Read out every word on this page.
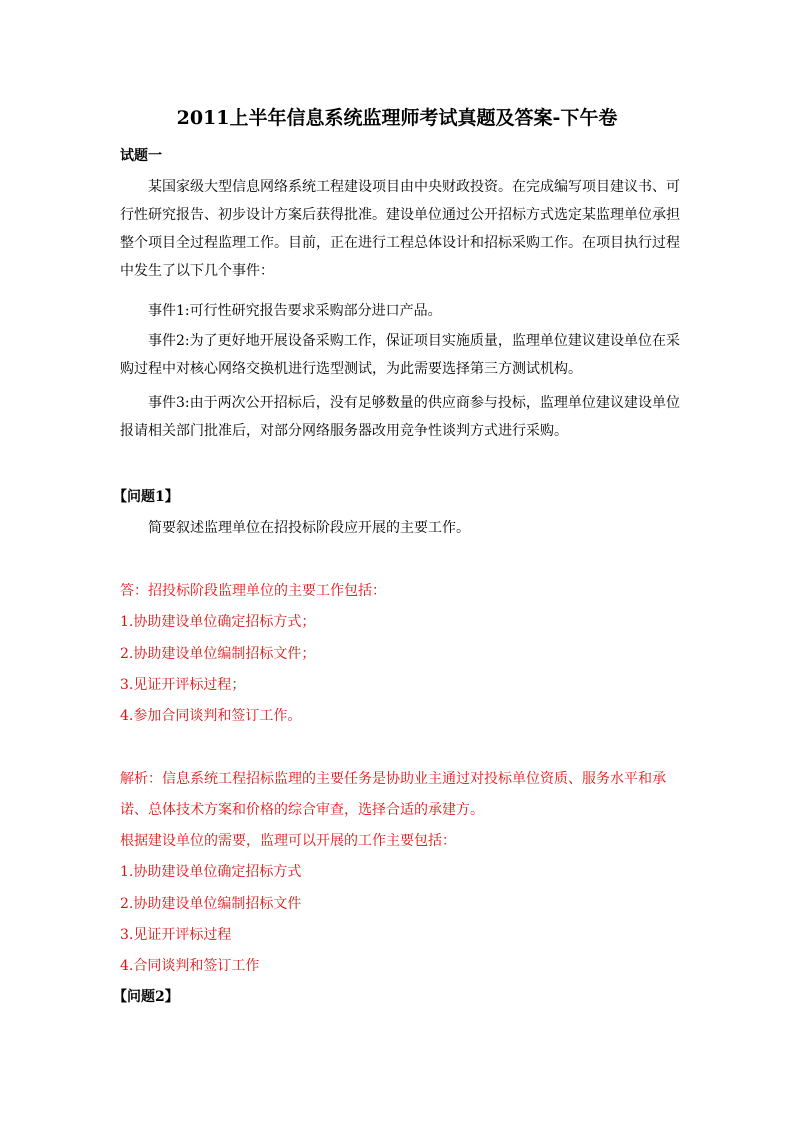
2011上半年信息系统监理师考试真题及答案-下午卷
试题一
某国家级大型信息网络系统工程建设项目由中央财政投资。在完成编写项目建议书、可行性研究报告、初步设计方案后获得批准。建设单位通过公开招标方式选定某监理单位承担整个项目全过程监理工作。目前，正在进行工程总体设计和招标采购工作。在项目执行过程中发生了以下几个事件：
事件1:可行性研究报告要求采购部分进口产品。
事件2:为了更好地开展设备采购工作，保证项目实施质量，监理单位建议建设单位在采购过程中对核心网络交换机进行选型测试，为此需要选择第三方测试机构。
事件3:由于两次公开招标后，没有足够数量的供应商参与投标，监理单位建议建设单位报请相关部门批准后，对部分网络服务器改用竞争性谈判方式进行采购。
【问题1】
简要叙述监理单位在招投标阶段应开展的主要工作。
答：招投标阶段监理单位的主要工作包括：
1.协助建设单位确定招标方式；
2.协助建设单位编制招标文件；
3.见证开评标过程；
4.参加合同谈判和签订工作。
解析：信息系统工程招标监理的主要任务是协助业主通过对投标单位资质、服务水平和承
诺、总体技术方案和价格的综合审查，选择合适的承建方。
根据建设单位的需要，监理可以开展的工作主要包括：
1.协助建设单位确定招标方式
2.协助建设单位编制招标文件
3.见证开评标过程
4.合同谈判和签订工作
【问题2】
